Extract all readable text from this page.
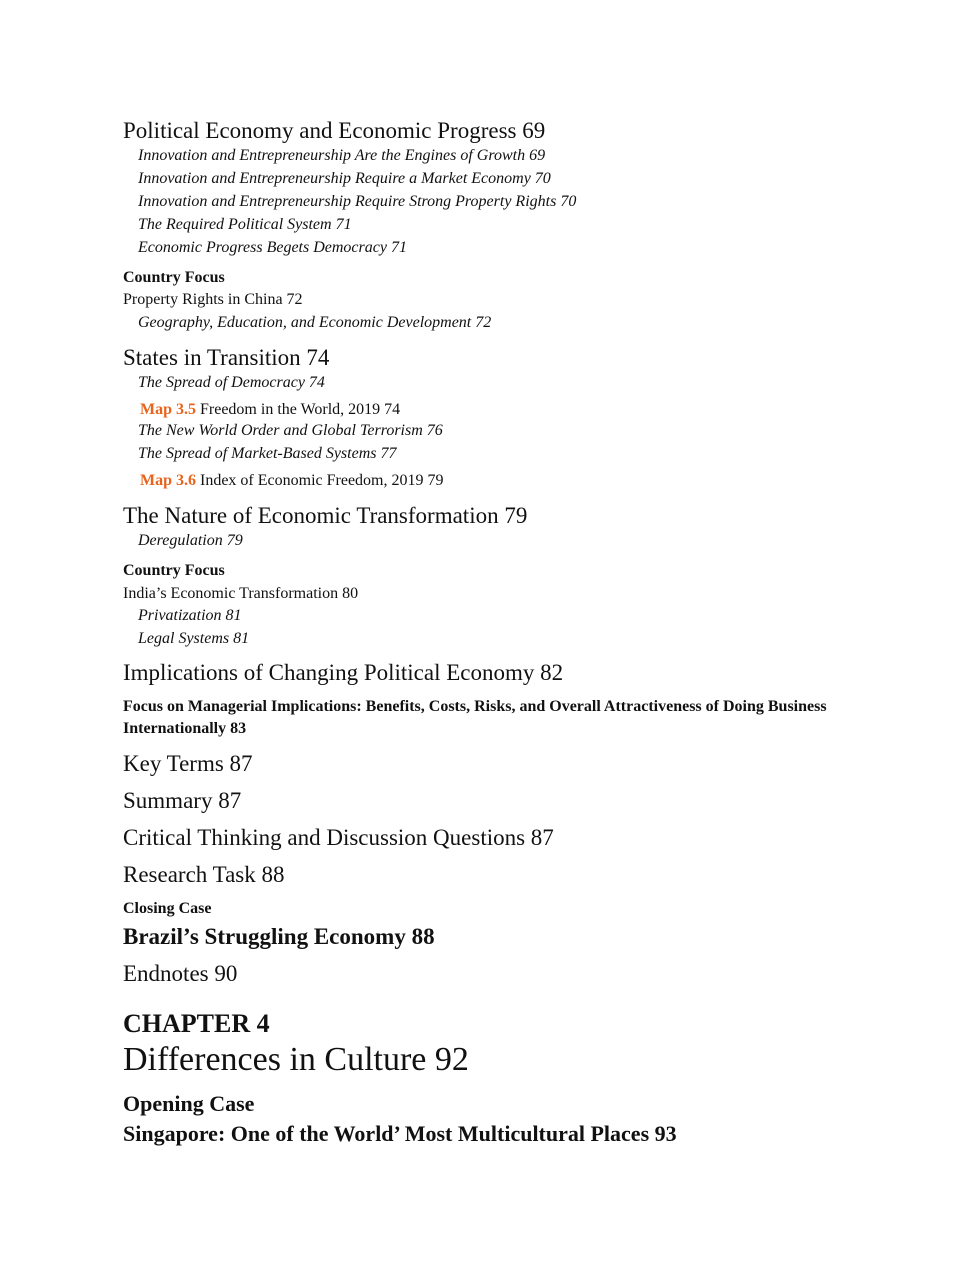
Political Economy and Economic Progress 69
Innovation and Entrepreneurship Are the Engines of Growth 69
Innovation and Entrepreneurship Require a Market Economy 70
Innovation and Entrepreneurship Require Strong Property Rights 70
The Required Political System 71
Economic Progress Begets Democracy 71
Country Focus
Property Rights in China 72
Geography, Education, and Economic Development 72
States in Transition 74
The Spread of Democracy 74
Map 3.5 Freedom in the World, 2019 74
The New World Order and Global Terrorism 76
The Spread of Market-Based Systems 77
Map 3.6 Index of Economic Freedom, 2019 79
The Nature of Economic Transformation 79
Deregulation 79
Country Focus
India’s Economic Transformation 80
Privatization 81
Legal Systems 81
Implications of Changing Political Economy 82
Focus on Managerial Implications: Benefits, Costs, Risks, and Overall Attractiveness of Doing Business Internationally 83
Key Terms 87
Summary 87
Critical Thinking and Discussion Questions 87
Research Task 88
Closing Case
Brazil’s Struggling Economy 88
Endnotes 90
CHAPTER 4
Differences in Culture 92
Opening Case
Singapore: One of the World’ Most Multicultural Places 93
